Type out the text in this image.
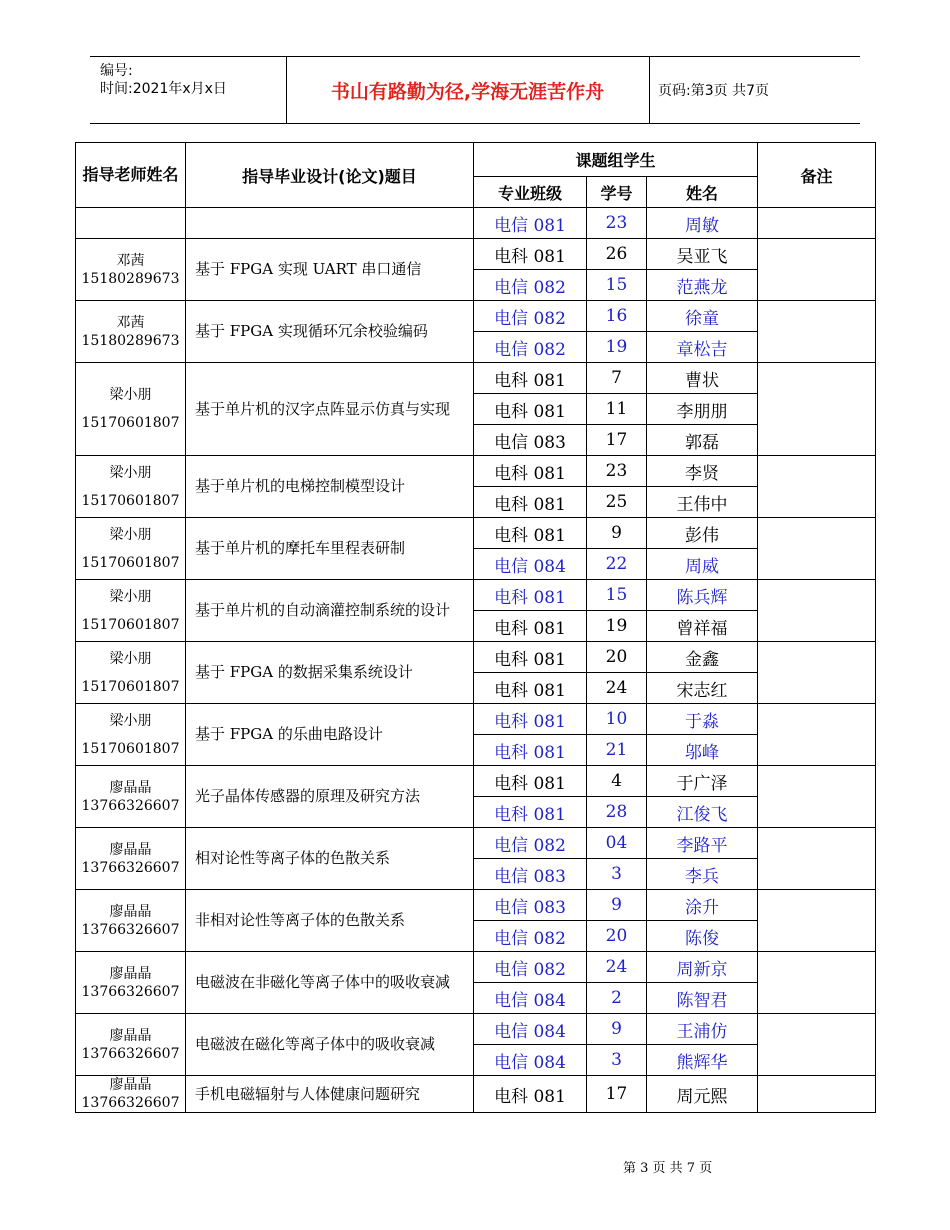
编号:
时间:2021年x月x日	书山有路勤为径,学海无涯苦作舟	页码:第3页 共7页
指导老师姓名	指导毕业设计(论文)题目	课题组学生			备注
		专业班级	学号	姓名	

		电信 081	23	周敏	

邓茜
15180289673	基于 FPGA 实现 UART 串口通信	电科 081	26	吴亚飞	
		电信 082	15	范燕龙	

邓茜
15180289673	基于 FPGA 实现循环冗余校验编码	电信 082	16	徐童	
		电信 082	19	章松吉	

梁小朋
15170601807	基于单片机的汉字点阵显示仿真与实现	电科 081	7	曹状	
		电科 081	11	李朋朋	
		电信 083	17	郭磊	

梁小朋
15170601807	基于单片机的电梯控制模型设计	电科 081	23	李贤	
		电科 081	25	王伟中	

梁小朋
15170601807	基于单片机的摩托车里程表研制	电科 081	9	彭伟	
		电信 084	22	周威	

梁小朋
15170601807	基于单片机的自动滴灌控制系统的设计	电科 081	15	陈兵辉	
		电科 081	19	曾祥福	

梁小朋
15170601807	基于 FPGA 的数据采集系统设计	电科 081	20	金鑫	
		电科 081	24	宋志红	

梁小朋
15170601807	基于 FPGA 的乐曲电路设计	电科 081	10	于淼	
		电科 081	21	邬峰	

廖晶晶
13766326607	光子晶体传感器的原理及研究方法	电科 081	4	于广泽	
		电科 081	28	江俊飞	

廖晶晶
13766326607	相对论性等离子体的色散关系	电信 082	04	李路平	
		电信 083	3	李兵	

廖晶晶
13766326607	非相对论性等离子体的色散关系	电信 083	9	涂升	
		电信 082	20	陈俊	

廖晶晶
13766326607	电磁波在非磁化等离子体中的吸收衰减	电信 082	24	周新京	
		电信 084	2	陈智君	

廖晶晶
13766326607	电磁波在磁化等离子体中的吸收衰减	电信 084	9	王浦仿	
		电信 084	3	熊辉华	

廖晶晶
13766326607	手机电磁辐射与人体健康问题研究	电科 081	17	周元熙	
第 3 页 共 7 页
